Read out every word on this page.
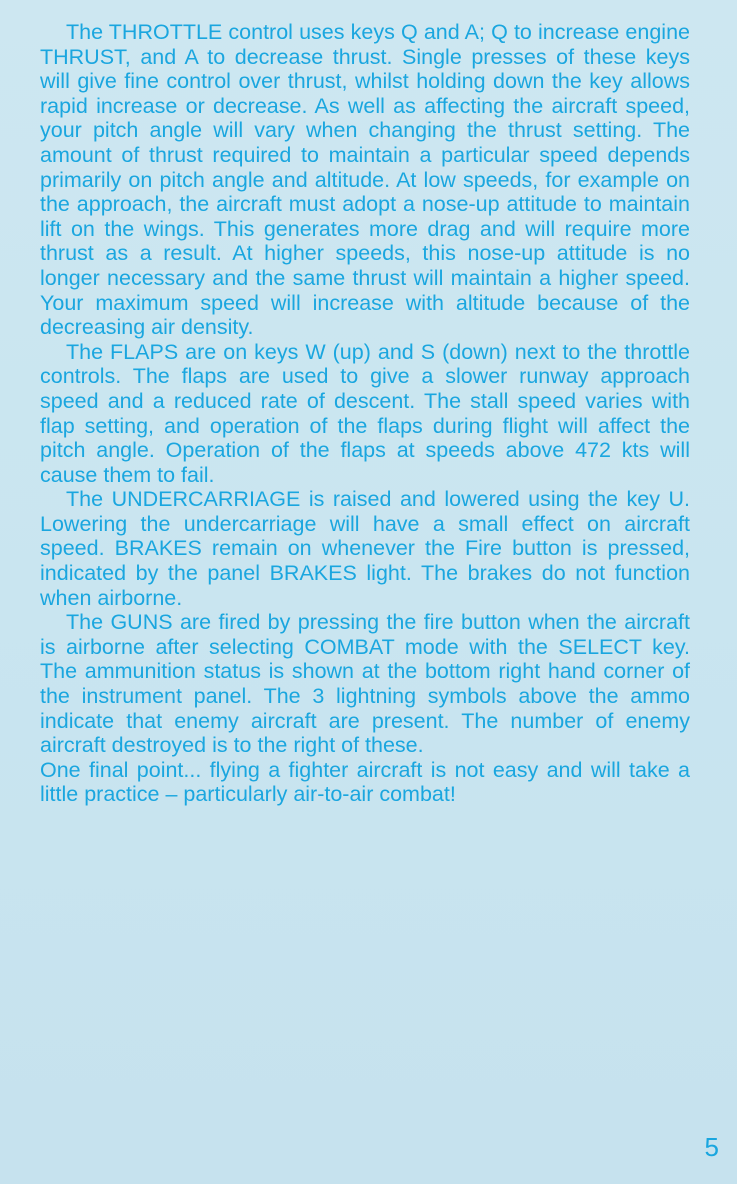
The THROTTLE control uses keys Q and A; Q to increase engine THRUST, and A to decrease thrust. Single presses of these keys will give fine control over thrust, whilst holding down the key allows rapid increase or decrease. As well as affecting the aircraft speed, your pitch angle will vary when changing the thrust setting. The amount of thrust required to maintain a particular speed depends primarily on pitch angle and altitude. At low speeds, for example on the approach, the aircraft must adopt a nose-up attitude to maintain lift on the wings. This generates more drag and will require more thrust as a result. At higher speeds, this nose-up attitude is no longer necessary and the same thrust will maintain a higher speed. Your maximum speed will increase with altitude because of the decreasing air density.

The FLAPS are on keys W (up) and S (down) next to the throttle controls. The flaps are used to give a slower runway approach speed and a reduced rate of descent. The stall speed varies with flap setting, and operation of the flaps during flight will affect the pitch angle. Operation of the flaps at speeds above 472 kts will cause them to fail.

The UNDERCARRIAGE is raised and lowered using the key U. Lowering the undercarriage will have a small effect on aircraft speed. BRAKES remain on whenever the Fire button is pressed, indicated by the panel BRAKES light. The brakes do not function when airborne.

The GUNS are fired by pressing the fire button when the aircraft is airborne after selecting COMBAT mode with the SELECT key. The ammunition status is shown at the bottom right hand corner of the instrument panel. The 3 lightning symbols above the ammo indicate that enemy aircraft are present. The number of enemy aircraft destroyed is to the right of these.

One final point... flying a fighter aircraft is not easy and will take a little practice – particularly air-to-air combat!

5
